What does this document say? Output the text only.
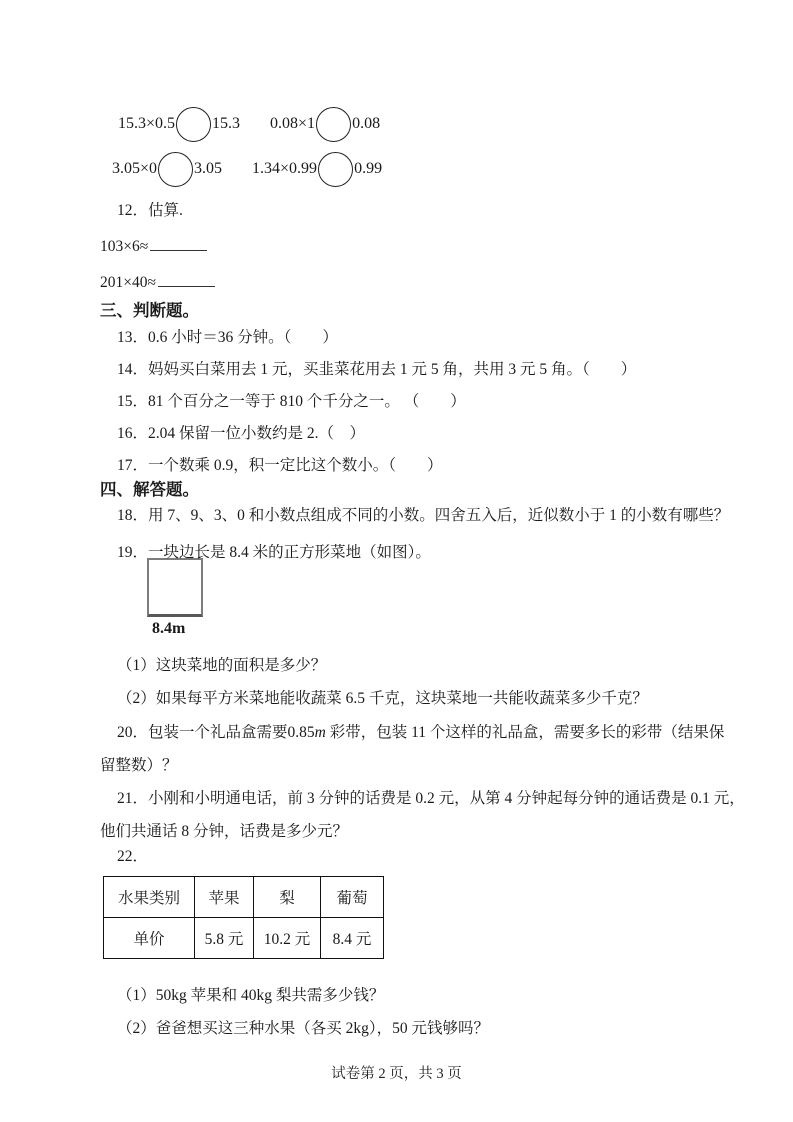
15.3×0.5 15.3 0.08×1 0.08
3.05×0 3.05 1.34×0.99 0.99
12．估算.
103×6≈
201×40≈
三、判断题。
13．0.6 小时＝36 分钟。（　　）
14．妈妈买白菜用去 1 元，买韭菜花用去 1 元 5 角，共用 3 元 5 角。（　　）
15．81 个百分之一等于 810 个千分之一。 （　　）
16．2.04 保留一位小数约是 2.（　）
17．一个数乘 0.9，积一定比这个数小。（　　）
四、解答题。
18．用 7、9、3、0 和小数点组成不同的小数。四舍五入后，近似数小于 1 的小数有哪些？
19．一块边长是 8.4 米的正方形菜地（如图）。
8.4m
（1）这块菜地的面积是多少？
（2）如果每平方米菜地能收蔬菜 6.5 千克，这块菜地一共能收蔬菜多少千克？
20．包装一个礼品盒需要0.85m 彩带，包装 11 个这样的礼品盒，需要多长的彩带（结果保
留整数）？
21．小刚和小明通电话，前 3 分钟的话费是 0.2 元，从第 4 分钟起每分钟的通话费是 0.1 元，
他们共通话 8 分钟，话费是多少元？
22．
水果类别	苹果	梨	葡萄
单价	5.8 元	10.2 元	8.4 元
（1）50kg 苹果和 40kg 梨共需多少钱？
（2）爸爸想买这三种水果（各买 2kg），50 元钱够吗？
试卷第 2 页，共 3 页
